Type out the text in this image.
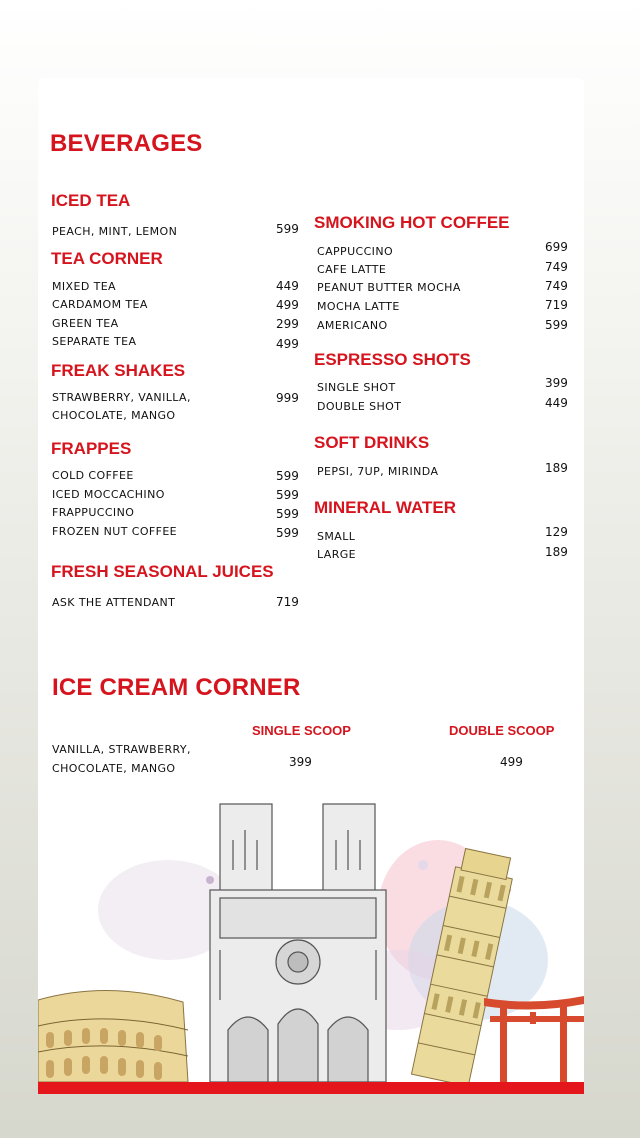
BEVERAGES
ICED TEA
PEACH, MINT, LEMON	599
TEA CORNER
MIXED TEA	449
CARDAMOM TEA	499
GREEN TEA	299
SEPARATE TEA	499
FREAK SHAKES
STRAWBERRY, VANILLA,
CHOCOLATE, MANGO
999
FRAPPES
COLD COFFEE	599
ICED MOCCACHINO	599
FRAPPUCCINO	599
FROZEN NUT COFFEE	599
FRESH SEASONAL JUICES
ASK THE ATTENDANT	719
SMOKING HOT COFFEE
CAPPUCCINO	699
CAFE LATTE	749
PEANUT BUTTER MOCHA	749
MOCHA LATTE	719
AMERICANO	599
ESPRESSO SHOTS
SINGLE SHOT	399
DOUBLE SHOT	449
SOFT DRINKS
PEPSI, 7UP, MIRINDA	189
MINERAL WATER
SMALL	129
LARGE	189
ICE CREAM CORNER
SINGLE SCOOP	DOUBLE SCOOP
VANILLA, STRAWBERRY,
CHOCOLATE, MANGO	399	499
